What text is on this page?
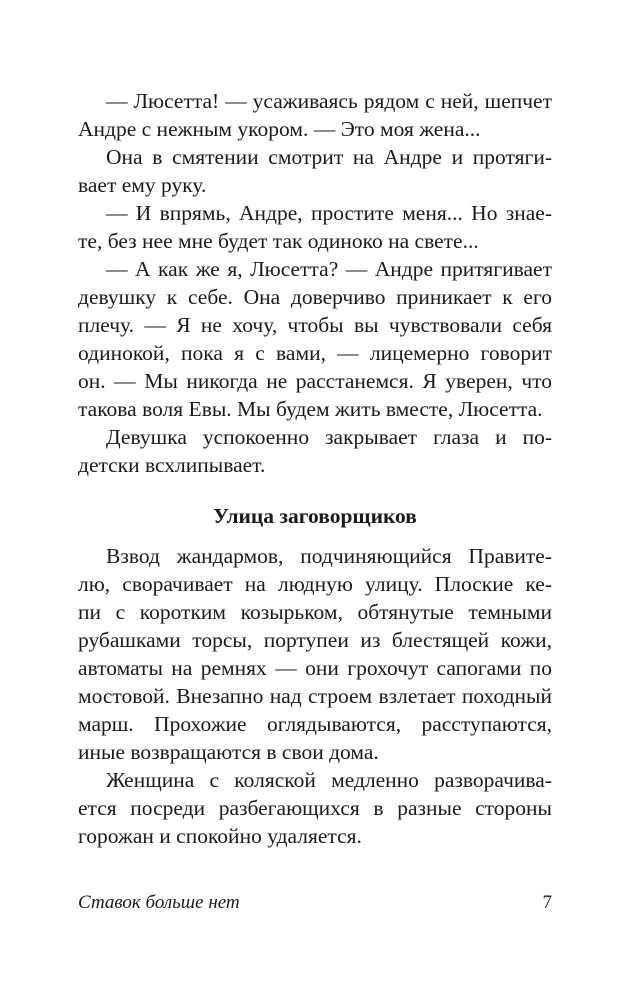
— Люсетта! — усаживаясь рядом с ней, шепчет
Андре с нежным укором. — Это моя жена...
Она в смятении смотрит на Андре и протяги-
вает ему руку.
— И впрямь, Андре, простите меня... Но знае-
те, без нее мне будет так одиноко на свете...
— А как же я, Люсетта? — Андре притягивает
девушку к себе. Она доверчиво приникает к его
плечу. — Я не хочу, чтобы вы чувствовали себя
одинокой, пока я с вами, — лицемерно говорит
он. — Мы никогда не расстанемся. Я уверен, что
такова воля Евы. Мы будем жить вместе, Люсетта.
Девушка успокоенно закрывает глаза и по-
детски всхлипывает.
Улица заговорщиков
Взвод жандармов, подчиняющийся Правите-
лю, сворачивает на людную улицу. Плоские ке-
пи с коротким козырьком, обтянутые темными
рубашками торсы, портупеи из блестящей кожи,
автоматы на ремнях — они грохочут сапогами по
мостовой. Внезапно над строем взлетает походный
марш. Прохожие оглядываются, расступаются,
иные возвращаются в свои дома.
Женщина с коляской медленно разворачива-
ется посреди разбегающихся в разные стороны
горожан и спокойно удаляется.
Ставок больше нет	7
